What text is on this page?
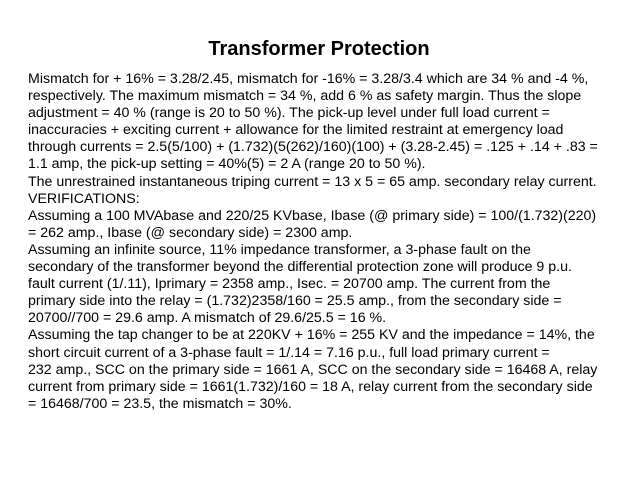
Transformer Protection
Mismatch for + 16% = 3.28/2.45, mismatch for -16% = 3.28/3.4 which are 34 % and -4 %,
respectively. The maximum mismatch = 34 %, add 6 % as safety margin. Thus the slope
adjustment = 40 % (range is 20 to 50 %). The pick-up level under full load current =
inaccuracies + exciting current + allowance for the limited restraint at emergency load
through currents = 2.5(5/100) + (1.732)(5(262)/160)(100) + (3.28-2.45) = .125 + .14 + .83 =
1.1 amp, the pick-up setting = 40%(5) = 2 A (range 20 to 50 %).
The unrestrained instantaneous triping current = 13 x 5 = 65 amp. secondary relay current.
VERIFICATIONS:
Assuming a 100 MVAbase and 220/25 KVbase, Ibase (@ primary side) = 100/(1.732)(220)
= 262 amp., Ibase (@ secondary side) = 2300 amp.
Assuming an infinite source, 11% impedance transformer, a 3-phase fault on the
secondary of the transformer beyond the differential protection zone will produce 9 p.u.
fault current (1/.11), Iprimary = 2358 amp., Isec. = 20700 amp. The current from the
primary side into the relay = (1.732)2358/160 = 25.5 amp., from the secondary side =
20700//700 = 29.6 amp. A mismatch of 29.6/25.5 = 16 %.
Assuming the tap changer to be at 220KV + 16% = 255 KV and the impedance = 14%, the
short circuit current of a 3-phase fault = 1/.14 = 7.16 p.u., full load primary current =
232 amp., SCC on the primary side = 1661 A, SCC on the secondary side = 16468 A, relay
current from primary side = 1661(1.732)/160 = 18 A, relay current from the secondary side
= 16468/700 = 23.5, the mismatch = 30%.
